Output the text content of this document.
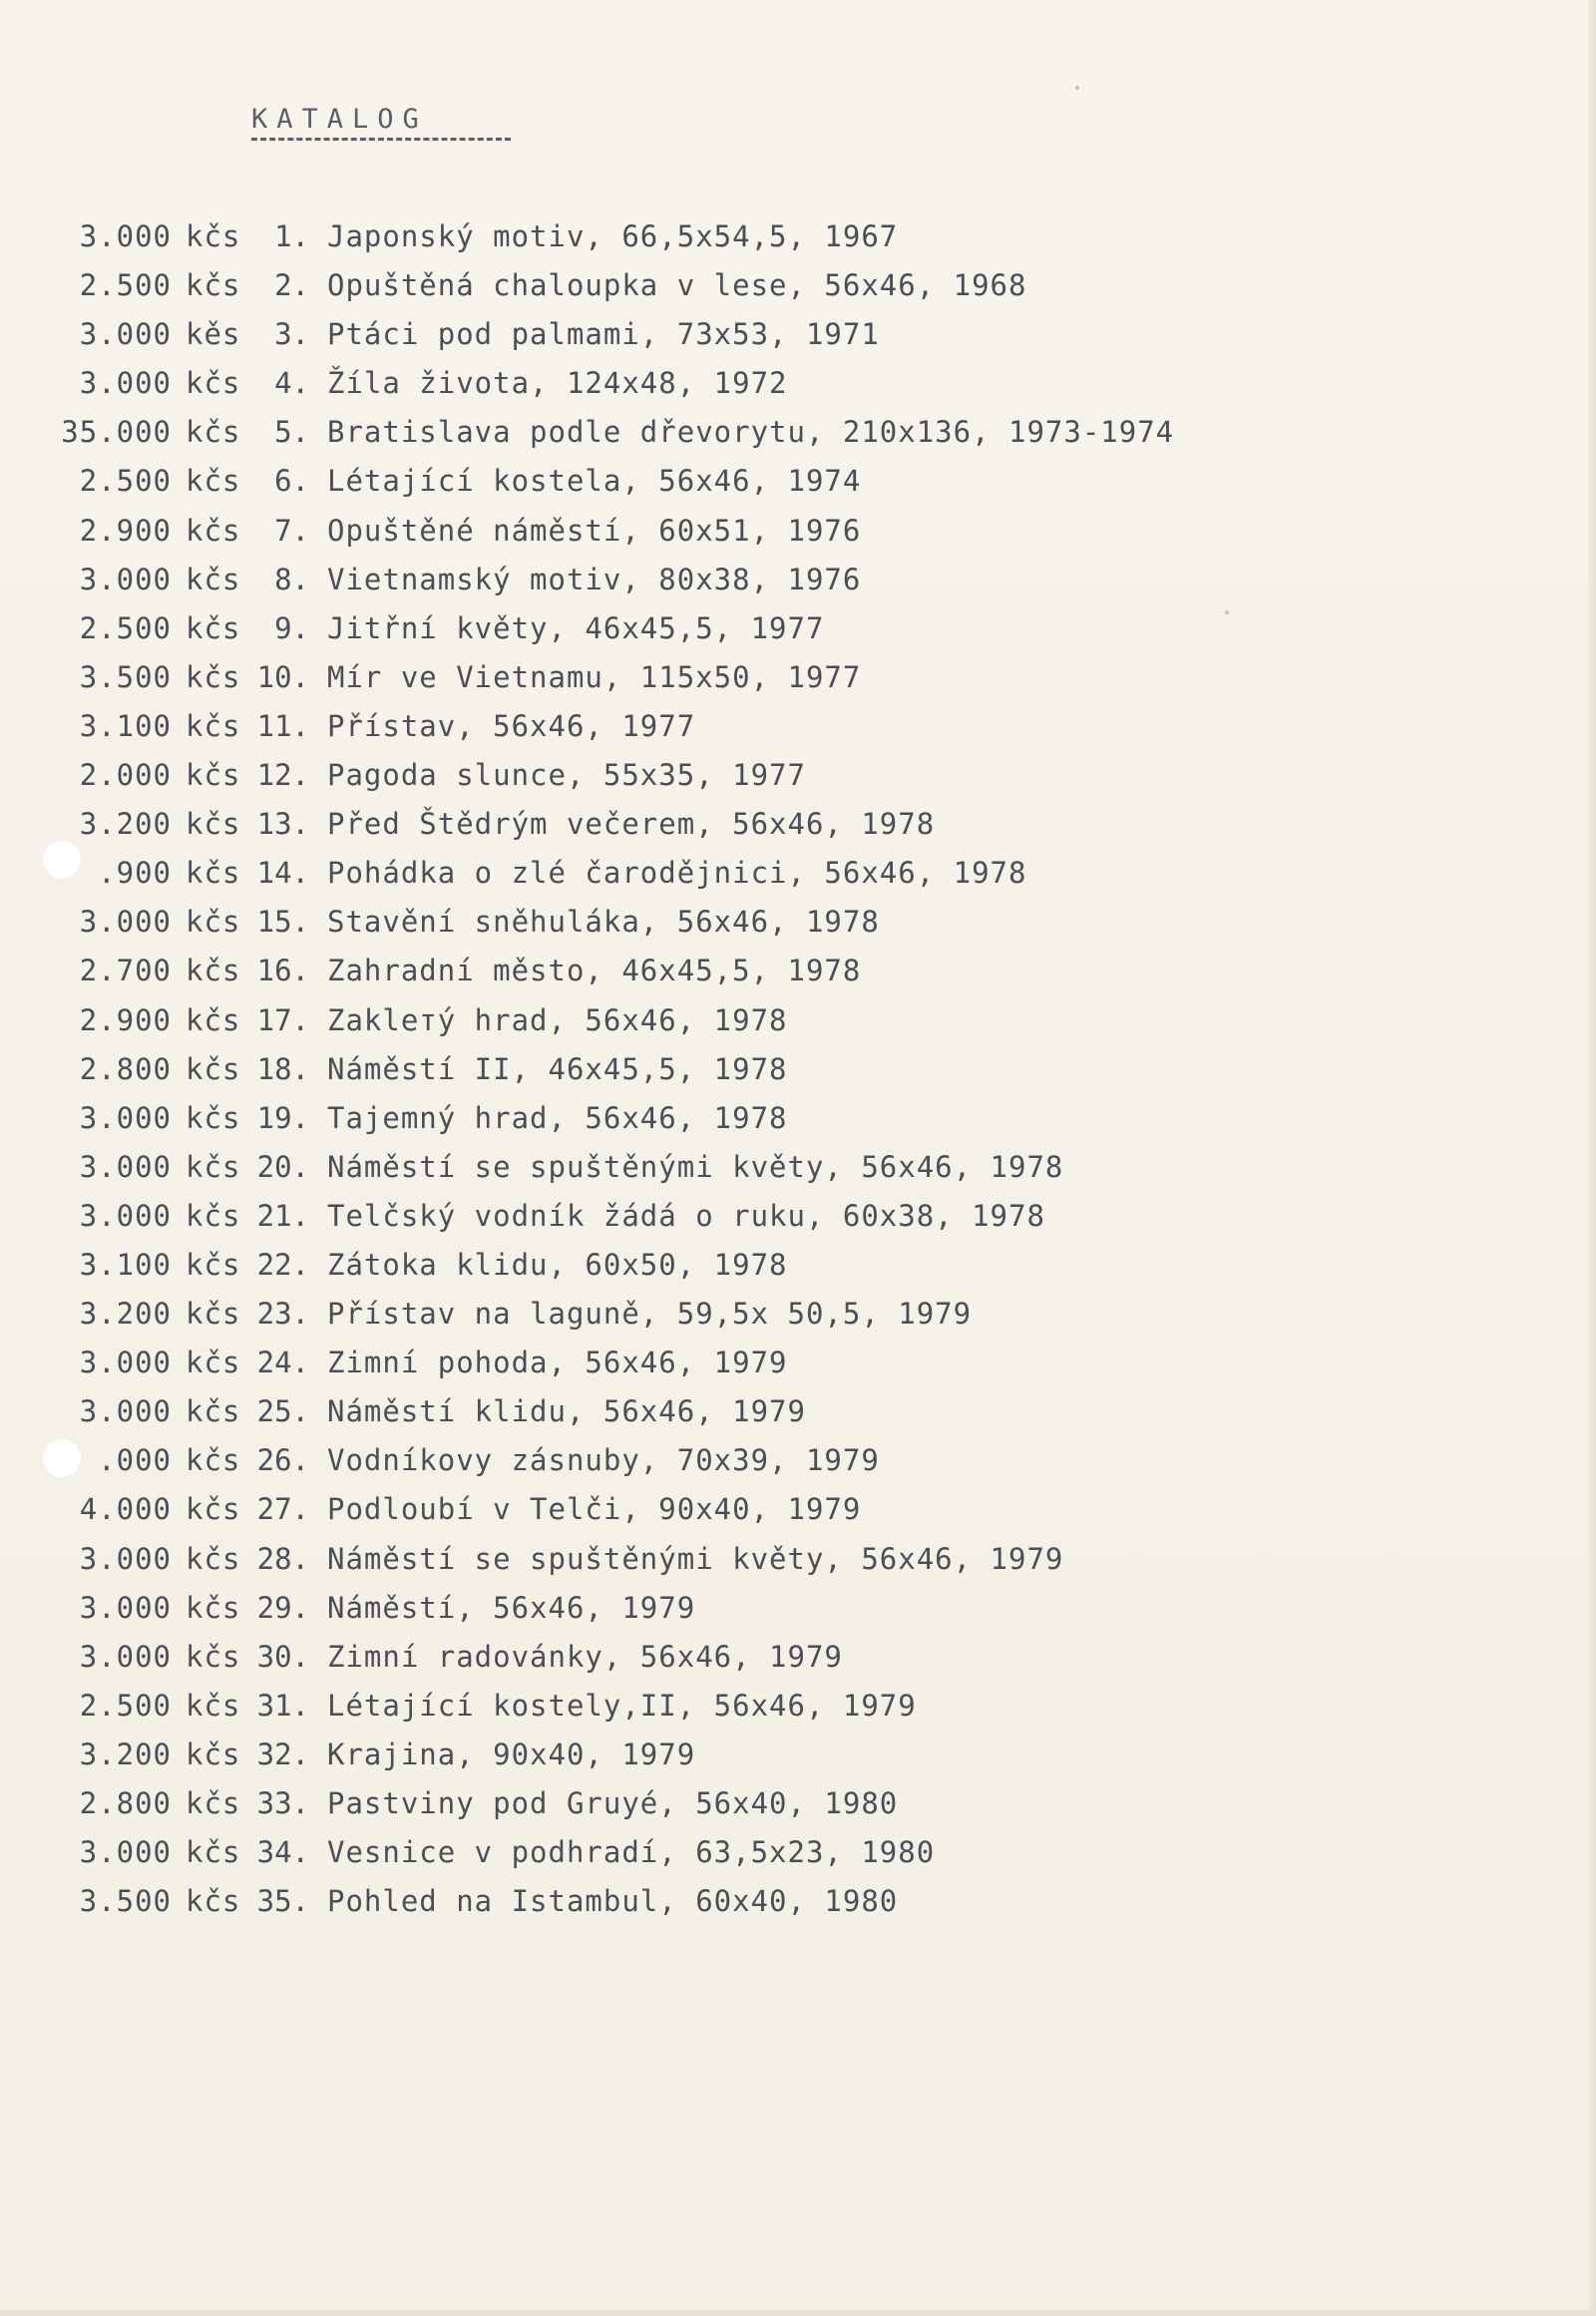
KATALOG
3.000 kčs 1. Japonský motiv, 66,5x54,5, 1967
2.500 kčs 2. Opuštěná chaloupka v lese, 56x46, 1968
3.000 kěs 3. Ptáci pod palmami, 73x53, 1971
3.000 kčs 4. Žíla života, 124x48, 1972
35.000 kčs 5. Bratislava podle dřevorytu, 210x136, 1973-1974
2.500 kčs 6. Létající kostela, 56x46, 1974
2.900 kčs 7. Opuštěné náměstí, 60x51, 1976
3.000 kčs 8. Vietnamský motiv, 80x38, 1976
2.500 kčs 9. Jitřní květy, 46x45,5, 1977
3.500 kčs 10. Mír ve Vietnamu, 115x50, 1977
3.100 kčs 11. Přístav, 56x46, 1977
2.000 kčs 12. Pagoda slunce, 55x35, 1977
3.200 kčs 13. Před Štědrým večerem, 56x46, 1978
.900 kčs 14. Pohádka o zlé čarodějnici, 56x46, 1978
3.000 kčs 15. Stavění sněhuláka, 56x46, 1978
2.700 kčs 16. Zahradní město, 46x45,5, 1978
2.900 kčs 17. Zaklетý hrad, 56x46, 1978
2.800 kčs 18. Náměstí II, 46x45,5, 1978
3.000 kčs 19. Tajemný hrad, 56x46, 1978
3.000 kčs 20. Náměstí se spuštěnými květy, 56x46, 1978
3.000 kčs 21. Telčský vodník žádá o ruku, 60x38, 1978
3.100 kčs 22. Zátoka klidu, 60x50, 1978
3.200 kčs 23. Přístav na laguně, 59,5x 50,5, 1979
3.000 kčs 24. Zimní pohoda, 56x46, 1979
3.000 kčs 25. Náměstí klidu, 56x46, 1979
.000 kčs 26. Vodníkovy zásnuby, 70x39, 1979
4.000 kčs 27. Podloubí v Telči, 90x40, 1979
3.000 kčs 28. Náměstí se spuštěnými květy, 56x46, 1979
3.000 kčs 29. Náměstí, 56x46, 1979
3.000 kčs 30. Zimní radovánky, 56x46, 1979
2.500 kčs 31. Létající kostely,II, 56x46, 1979
3.200 kčs 32. Krajina, 90x40, 1979
2.800 kčs 33. Pastviny pod Gruyé, 56x40, 1980
3.000 kčs 34. Vesnice v podhradí, 63,5x23, 1980
3.500 kčs 35. Pohled na Istambul, 60x40, 1980
